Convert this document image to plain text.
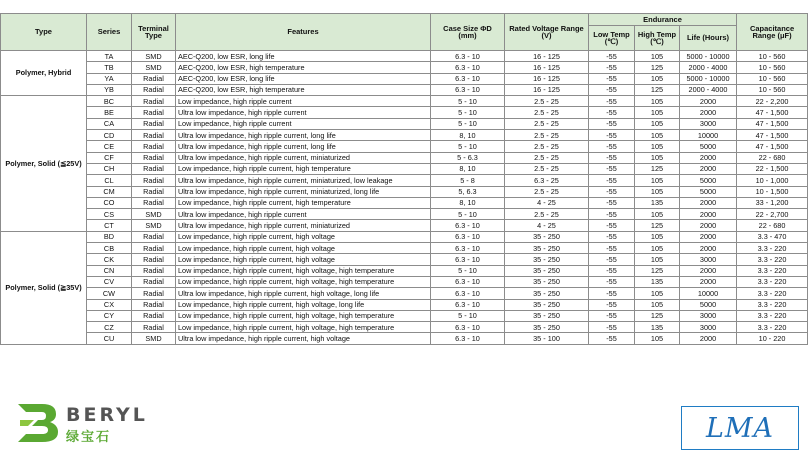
Type	Series	Terminal Type	Features	Case Size ΦD (mm)	Rated Voltage Range (V)	Endurance			Capacitance Range (μF)
						Low Temp (℃)	High Temp (℃)	Life (Hours)	
Polymer, Hybrid	TA	SMD	AEC-Q200, low ESR, long life	6.3 - 10	16 - 125	-55	105	5000 - 10000	10 - 560
	TB	SMD	AEC-Q200, low ESR, high temperature	6.3 - 10	16 - 125	-55	125	2000 - 4000	10 - 560
	YA	Radial	AEC-Q200, low ESR, long life	6.3 - 10	16 - 125	-55	105	5000 - 10000	10 - 560
	YB	Radial	AEC-Q200, low ESR, high temperature	6.3 - 10	16 - 125	-55	125	2000 - 4000	10 - 560
Polymer, Solid (≦25V)	BC	Radial	Low impedance, high ripple current	5 - 10	2.5 - 25	-55	105	2000	22 - 2,200
	BE	Radial	Ultra low impedance, high ripple current	5 - 10	2.5 - 25	-55	105	2000	47 - 1,500
	CA	Radial	Low impedance, high ripple current	5 - 10	2.5 - 25	-55	105	3000	47 - 1,500
	CD	Radial	Ultra low impedance, high ripple current, long life	8, 10	2.5 - 25	-55	105	10000	47 - 1,500
	CE	Radial	Ultra low impedance, high ripple current, long life	5 - 10	2.5 - 25	-55	105	5000	47 - 1,500
	CF	Radial	Ultra low impedance, high ripple current, miniaturized	5 - 6.3	2.5 - 25	-55	105	2000	22 - 680
	CH	Radial	Low impedance, high ripple current, high temperature	8, 10	2.5 - 25	-55	125	2000	22 - 1,500
	CL	Radial	Ultra low impedance, high ripple current, miniaturized, low leakage	5 - 8	6.3 - 25	-55	105	5000	10 - 1,000
	CM	Radial	Ultra low impedance, high ripple current, miniaturized, long life	5, 6.3	2.5 - 25	-55	105	5000	10 - 1,500
	CO	Radial	Low impedance, high ripple current, high temperature	8, 10	4 - 25	-55	135	2000	33 - 1,200
	CS	SMD	Ultra low impedance, high ripple current	5 - 10	2.5 - 25	-55	105	2000	22 - 2,700
	CT	SMD	Ultra low impedance, high ripple current, miniaturized	6.3 - 10	4 - 25	-55	125	2000	22 - 680
Polymer, Solid (≧35V)	BD	Radial	Low impedance, high ripple current, high voltage	6.3 - 10	35 - 250	-55	105	2000	3.3 - 470
	CB	Radial	Low impedance, high ripple current, high voltage	6.3 - 10	35 - 250	-55	105	2000	3.3 - 220
	CK	Radial	Low impedance, high ripple current, high voltage	6.3 - 10	35 - 250	-55	105	3000	3.3 - 220
	CN	Radial	Low impedance, high ripple current, high voltage, high temperature	5 - 10	35 - 250	-55	125	2000	3.3 - 220
	CV	Radial	Low impedance, high ripple current, high voltage, high temperature	6.3 - 10	35 - 250	-55	135	2000	3.3 - 220
	CW	Radial	Ultra low impedance, high ripple current, high voltage, long life	6.3 - 10	35 - 250	-55	105	10000	3.3 - 220
	CX	Radial	Low impedance, high ripple current, high voltage, long life	6.3 - 10	35 - 250	-55	105	5000	3.3 - 220
	CY	Radial	Low impedance, high ripple current, high voltage, high temperature	5 - 10	35 - 250	-55	125	3000	3.3 - 220
	CZ	Radial	Low impedance, high ripple current, high voltage, high temperature	6.3 - 10	35 - 250	-55	135	3000	3.3 - 220
	CU	SMD	Ultra low impedance, high ripple current, high voltage	6.3 - 10	35 - 100	-55	105	2000	10 - 220
BERYL
绿宝石	LMA
